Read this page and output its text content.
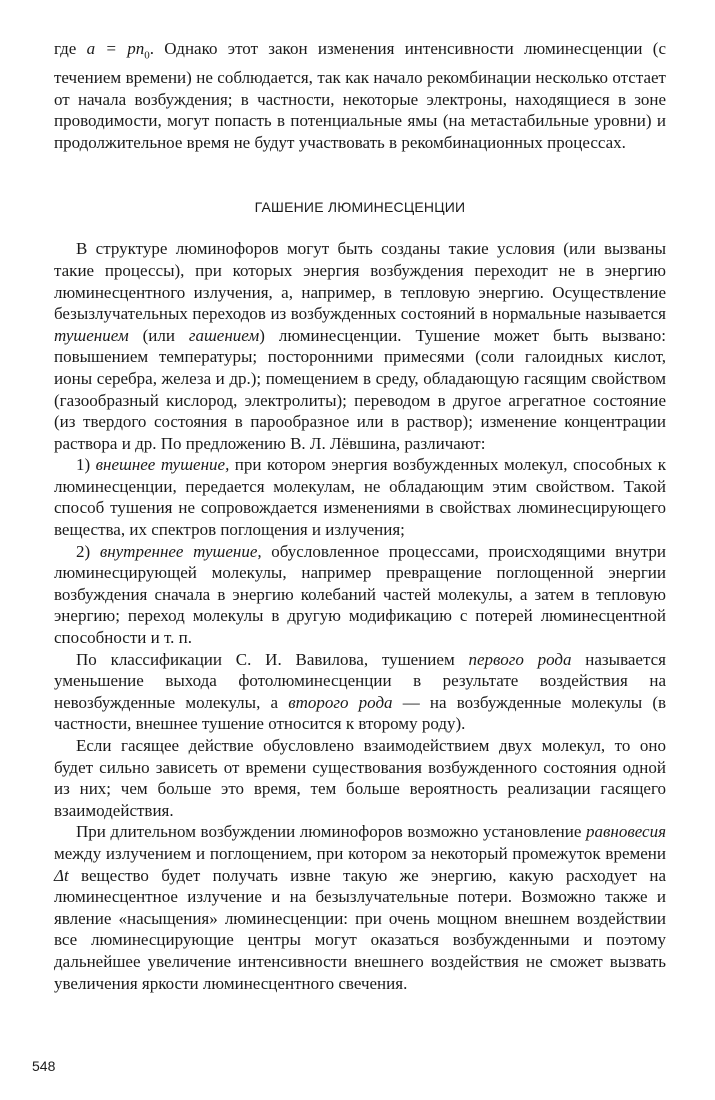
где $a = pn_0$. Однако этот закон изменения интенсивности люминесценции (с течением времени) не соблюдается, так как начало рекомбинации несколько отстает от начала возбуждения; в частности, некоторые электроны, находящиеся в зоне проводимости, могут попасть в потенциальные ямы (на метастабильные уровни) и продолжительное время не будут участвовать в рекомбинационных процессах.

ГАШЕНИЕ ЛЮМИНЕСЦЕНЦИИ

В структуре люминофоров могут быть созданы такие условия (или вызваны такие процессы), при которых энергия возбуждения переходит не в энергию люминесцентного излучения, а, например, в тепловую энергию. Осуществление безызлучательных переходов из возбужденных состояний в нормальные называется тушением (или гашением) люминесценции. Тушение может быть вызвано: повышением температуры; посторонними примесями (соли галоидных кислот, ионы серебра, железа и др.); помещением в среду, обладающую гасящим свойством (газообразный кислород, электролиты); переводом в другое агрегатное состояние (из твердого состояния в парообразное или в раствор); изменение концентрации раствора и др. По предложению В. Л. Лёвшина, различают:

1) внешнее тушение, при котором энергия возбужденных молекул, способных к люминесценции, передается молекулам, не обладающим этим свойством. Такой способ тушения не сопровождается изменениями в свойствах люминесцирующего вещества, их спектров поглощения и излучения;

2) внутреннее тушение, обусловленное процессами, происходящими внутри люминесцирующей молекулы, например превращение поглощенной энергии возбуждения сначала в энергию колебаний частей молекулы, а затем в тепловую энергию; переход молекулы в другую модификацию с потерей люминесцентной способности и т. п.

По классификации С. И. Вавилова, тушением первого рода называется уменьшение выхода фотолюминесценции в результате воздействия на невозбужденные молекулы, а второго рода — на возбужденные молекулы (в частности, внешнее тушение относится к второму роду).

Если гасящее действие обусловлено взаимодействием двух молекул, то оно будет сильно зависеть от времени существования возбужденного состояния одной из них; чем больше это время, тем больше вероятность реализации гасящего взаимодействия.

При длительном возбуждении люминофоров возможно установление равновесия между излучением и поглощением, при котором за некоторый промежуток времени Δt вещество будет получать извне такую же энергию, какую расходует на люминесцентное излучение и на безызлучательные потери. Возможно также и явление «насыщения» люминесценции: при очень мощном внешнем воздействии все люминесцирующие центры могут оказаться возбужденными и поэтому дальнейшее увеличение интенсивности внешнего воздействия не сможет вызвать увеличения яркости люминесцентного свечения.

548
